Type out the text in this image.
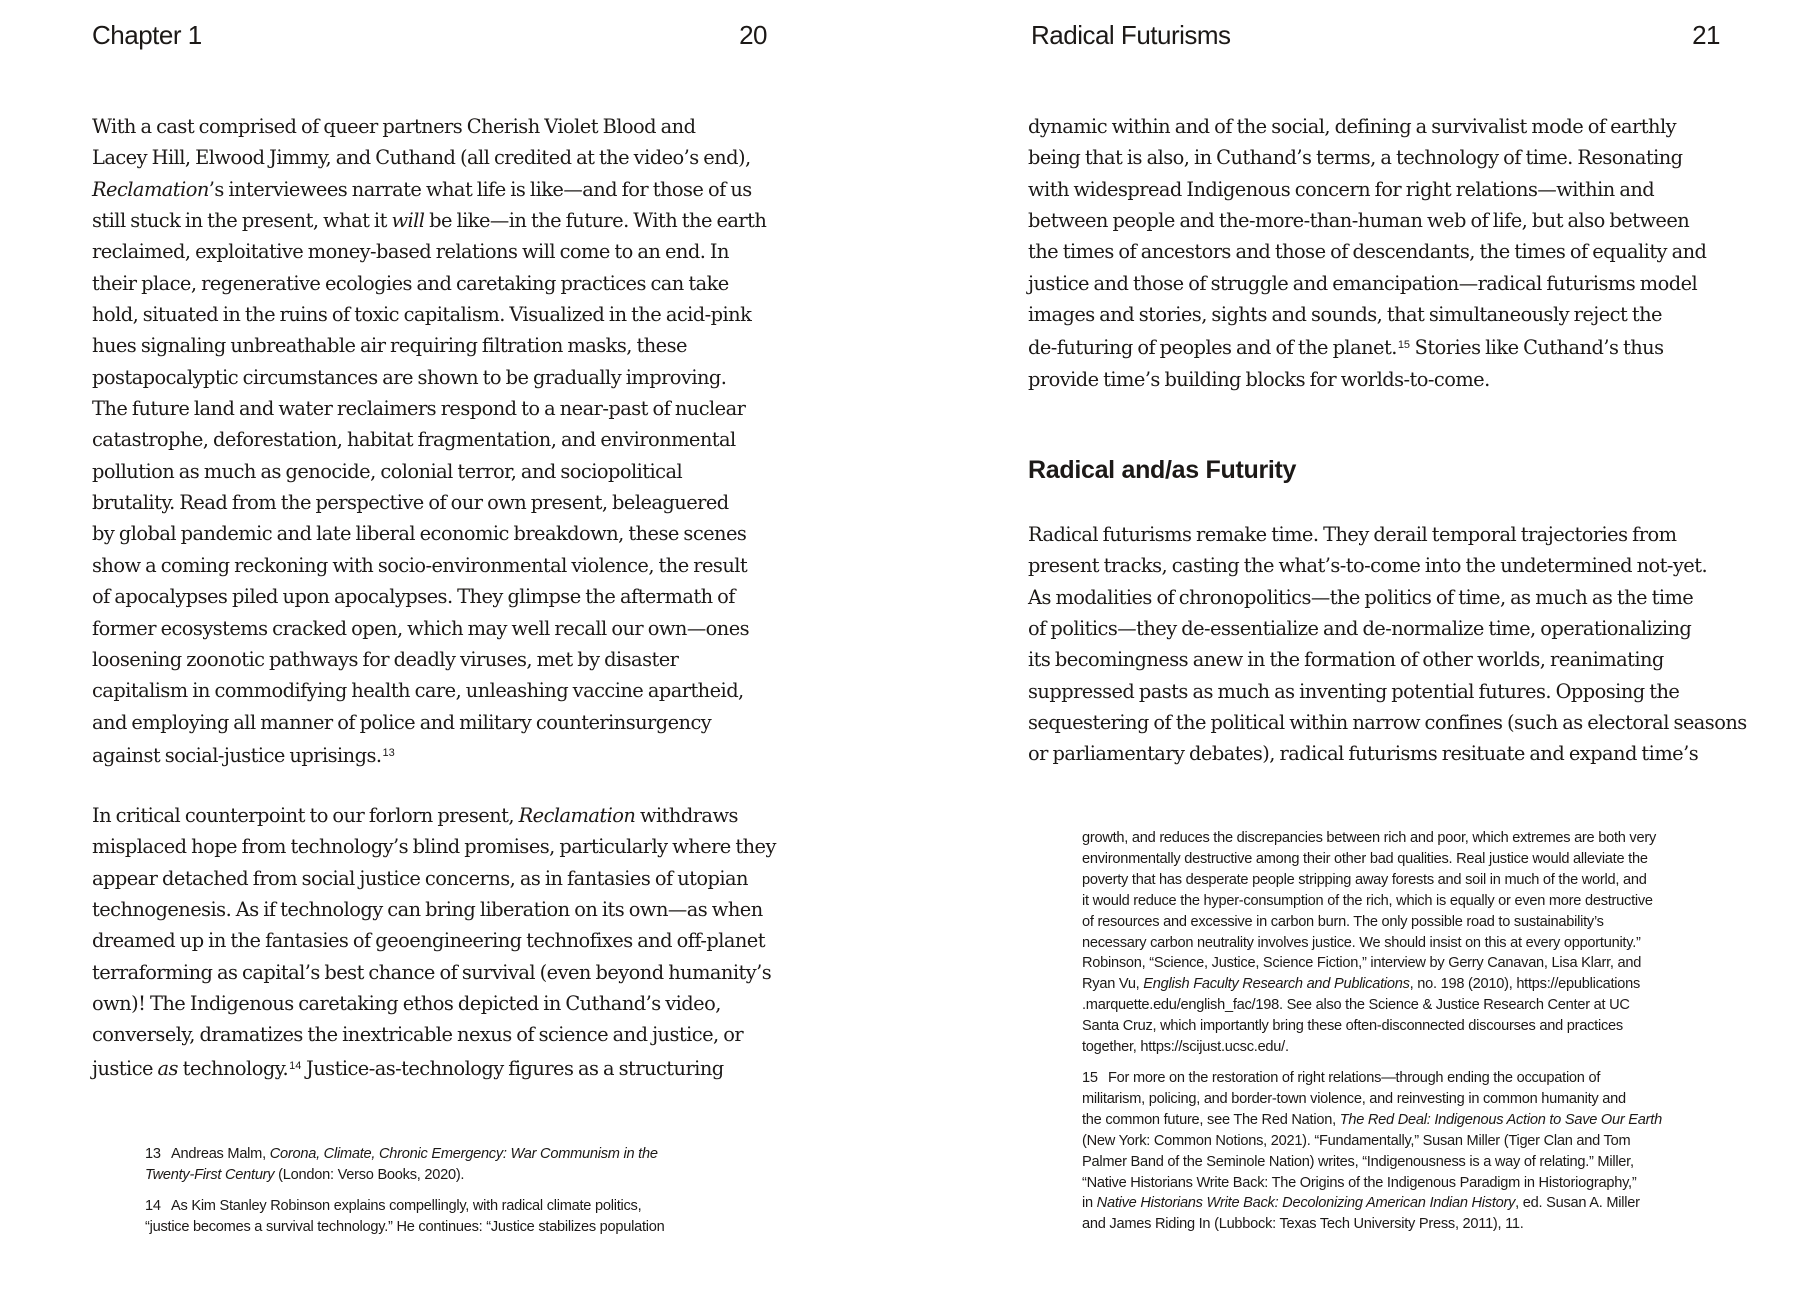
Chapter 1	20
With a cast comprised of queer partners Cherish Violet Blood and
Lacey Hill, Elwood Jimmy, and Cuthand (all credited at the video’s end),
Reclamation’s interviewees narrate what life is like—and for those of us
still stuck in the present, what it will be like—in the future. With the earth
reclaimed, exploitative money-based relations will come to an end. In
their place, regenerative ecologies and caretaking practices can take
hold, situated in the ruins of toxic capitalism. Visualized in the acid-pink
hues signaling unbreathable air requiring filtration masks, these
postapocalyptic circumstances are shown to be gradually improving.
The future land and water reclaimers respond to a near-past of nuclear
catastrophe, deforestation, habitat fragmentation, and environmental
pollution as much as genocide, colonial terror, and sociopolitical
brutality. Read from the perspective of our own present, beleaguered
by global pandemic and late liberal economic breakdown, these scenes
show a coming reckoning with socio-environmental violence, the result
of apocalypses piled upon apocalypses. They glimpse the aftermath of
former ecosystems cracked open, which may well recall our own—ones
loosening zoonotic pathways for deadly viruses, met by disaster
capitalism in commodifying health care, unleashing vaccine apartheid,
and employing all manner of police and military counterinsurgency
against social-justice uprisings.$^{13}$
In critical counterpoint to our forlorn present, Reclamation withdraws
misplaced hope from technology’s blind promises, particularly where they
appear detached from social justice concerns, as in fantasies of utopian
technogenesis. As if technology can bring liberation on its own—as when
dreamed up in the fantasies of geoengineering technofixes and off-planet
terraforming as capital’s best chance of survival (even beyond humanity’s
own)! The Indigenous caretaking ethos depicted in Cuthand’s video,
conversely, dramatizes the inextricable nexus of science and justice, or
justice as technology.$^{14}$ Justice-as-technology figures as a structuring
13 Andreas Malm, Corona, Climate, Chronic Emergency: War Communism in the
Twenty-First Century (London: Verso Books, 2020).
14 As Kim Stanley Robinson explains compellingly, with radical climate politics,
“justice becomes a survival technology.” He continues: “Justice stabilizes population
Radical Futurisms	21
dynamic within and of the social, defining a survivalist mode of earthly
being that is also, in Cuthand’s terms, a technology of time. Resonating
with widespread Indigenous concern for right relations—within and
between people and the-more-than-human web of life, but also between
the times of ancestors and those of descendants, the times of equality and
justice and those of struggle and emancipation—radical futurisms model
images and stories, sights and sounds, that simultaneously reject the
de-futuring of peoples and of the planet.$^{15}$ Stories like Cuthand’s thus
provide time’s building blocks for worlds-to-come.
Radical and/as Futurity
Radical futurisms remake time. They derail temporal trajectories from
present tracks, casting the what’s-to-come into the undetermined not-yet.
As modalities of chronopolitics—the politics of time, as much as the time
of politics—they de-essentialize and de-normalize time, operationalizing
its becomingness anew in the formation of other worlds, reanimating
suppressed pasts as much as inventing potential futures. Opposing the
sequestering of the political within narrow confines (such as electoral seasons
or parliamentary debates), radical futurisms resituate and expand time’s
growth, and reduces the discrepancies between rich and poor, which extremes are both very
environmentally destructive among their other bad qualities. Real justice would alleviate the
poverty that has desperate people stripping away forests and soil in much of the world, and
it would reduce the hyper-consumption of the rich, which is equally or even more destructive
of resources and excessive in carbon burn. The only possible road to sustainability’s
necessary carbon neutrality involves justice. We should insist on this at every opportunity.”
Robinson, “Science, Justice, Science Fiction,” interview by Gerry Canavan, Lisa Klarr, and
Ryan Vu, English Faculty Research and Publications, no. 198 (2010), https://epublications
.marquette.edu/english_fac/198. See also the Science & Justice Research Center at UC
Santa Cruz, which importantly bring these often-disconnected discourses and practices
together, https://scijust.ucsc.edu/.
15 For more on the restoration of right relations—through ending the occupation of
militarism, policing, and border-town violence, and reinvesting in common humanity and
the common future, see The Red Nation, The Red Deal: Indigenous Action to Save Our Earth
(New York: Common Notions, 2021). “Fundamentally,” Susan Miller (Tiger Clan and Tom
Palmer Band of the Seminole Nation) writes, “Indigenousness is a way of relating.” Miller,
“Native Historians Write Back: The Origins of the Indigenous Paradigm in Historiography,”
in Native Historians Write Back: Decolonizing American Indian History, ed. Susan A. Miller
and James Riding In (Lubbock: Texas Tech University Press, 2011), 11.
